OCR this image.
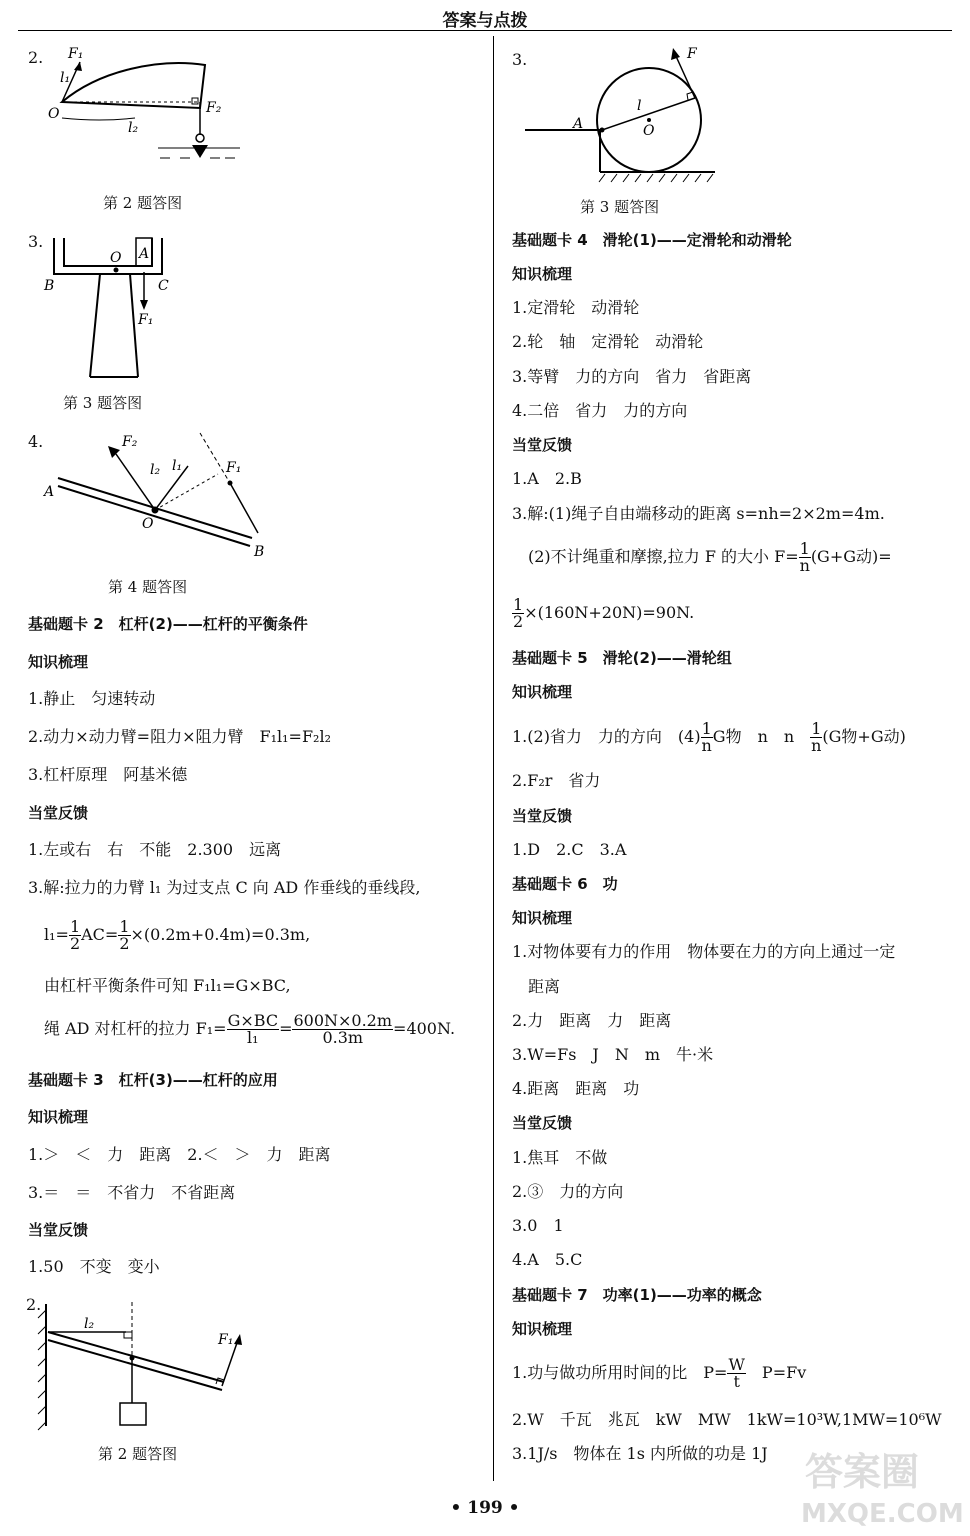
答案与点拨
2. F₁
l₁
O
l₂
F₂
第 2 题答图
3.
A
O
B	C
F₁
第 3 题答图
4.	F₂
l₂ l₁	F₁
A
O
B
第 4 题答图
基础题卡 2　杠杆(2)——杠杆的平衡条件
知识梳理
1.静止　匀速转动
2.动力×动力臂=阻力×阻力臂　F₁l₁=F₂l₂
3.杠杆原理　阿基米德
当堂反馈
1.左或右　右　不能　2.300　远离
3.解:拉力的力臂 l₁ 为过支点 C 向 AD 作垂线的垂线段,
$l_1= \frac{1}{2} AC= \frac{1}{2} \times(0.2m+0.4m)=0.3m$,
由杠杆平衡条件可知 F₁l₁=G×BC,
绳 AD 对杠杆的拉力 $F_1= \frac{G\times BC}{\text{l₁}} = \frac{600N\times 0.2m}{0.3m} =400N$.
基础题卡 3　杠杆(3)——杠杆的应用
知识梳理
1.＞　＜　力　距离　2.＜　＞　力　距离
3.＝　＝　不省力　不省距离
当堂反馈
1.50　不变　变小
2.
l₂
F₁
第 2 题答图
3.	F
l
O
A
第 3 题答图
基础题卡 4　滑轮(1)——定滑轮和动滑轮
知识梳理
1.定滑轮　动滑轮
2.轮　轴　定滑轮　动滑轮
3.等臂　力的方向　省力　省距离
4.二倍　省力　力的方向
当堂反馈
1.A　2.B
3.解:(1)绳子自由端移动的距离 s=nh=2×2m=4m.
(2)不计绳重和摩擦,拉力 F 的大小 $F= \frac{1}{n} (G+G$动)=
$\frac{1}{2} \times(160N+20N)=90N$.
基础题卡 5　滑轮(2)——滑轮组
知识梳理
1.(2)省力　力的方向　$(4) \frac{1}{n}$ G物　n　n　 $\frac{1}{n} (G$物+G动)
2.F₂r　省力
当堂反馈
1.D　2.C　3.A
基础题卡 6　功
知识梳理
1.对物体要有力的作用　物体要在力的方向上通过一定
距离
2.力　距离　力　距离
3.W=Fs　J　N　m　牛·米
4.距离　距离　功
当堂反馈
1.焦耳　不做
2.③　力的方向
3.0　1
4.A　5.C
基础题卡 7　功率(1)——功率的概念
知识梳理
1.功与做功所用时间的比　$P= \frac{W}{t}$
　 P=Fv
2.W　千瓦　兆瓦　kW　MW　1kW=10³W,1MW=10⁶W
3.1J/s　物体在 1s 内所做的功是 1J
• 199 •
答案圈
MXQE.COM
